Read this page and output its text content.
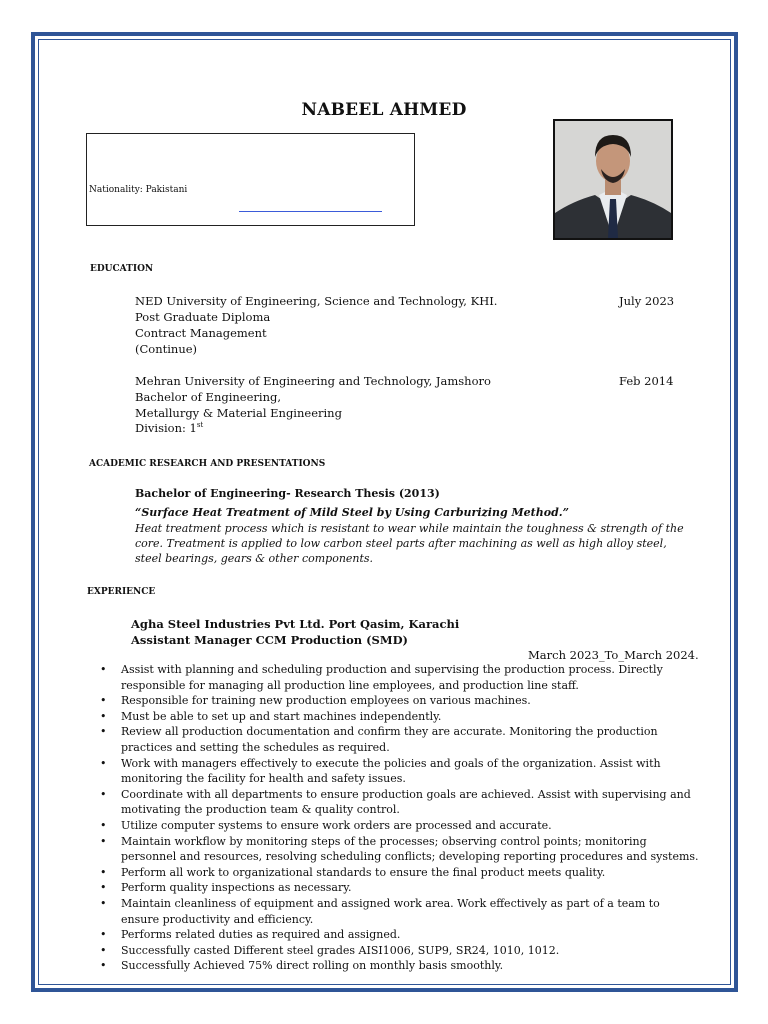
NABEEL AHMED
Nationality: Pakistani
EDUCATION
NED University of Engineering, Science and Technology, KHI.	July 2023
Post Graduate Diploma
Contract Management
(Continue)
Mehran University of Engineering and Technology, Jamshoro	Feb 2014
Bachelor of Engineering,
Metallurgy & Material Engineering
Division: 1st
ACADEMIC RESEARCH AND PRESENTATIONS
Bachelor of Engineering- Research Thesis (2013)
“Surface Heat Treatment of Mild Steel by Using Carburizing Method.”
Heat treatment process which is resistant to wear while maintain the toughness & strength of the core. Treatment is applied to low carbon steel parts after machining as well as high alloy steel, steel bearings, gears & other components.
EXPERIENCE
Agha Steel Industries Pvt Ltd. Port Qasim, Karachi
Assistant Manager CCM Production (SMD)
March 2023_To_March 2024.
• Assist with planning and scheduling production and supervising the production process. Directly responsible for managing all production line employees, and production line staff.
• Responsible for training new production employees on various machines.
• Must be able to set up and start machines independently.
• Review all production documentation and confirm they are accurate. Monitoring the production practices and setting the schedules as required.
• Work with managers effectively to execute the policies and goals of the organization. Assist with monitoring the facility for health and safety issues.
• Coordinate with all departments to ensure production goals are achieved. Assist with supervising and motivating the production team & quality control.
• Utilize computer systems to ensure work orders are processed and accurate.
• Maintain workflow by monitoring steps of the processes; observing control points; monitoring personnel and resources, resolving scheduling conflicts; developing reporting procedures and systems.
• Perform all work to organizational standards to ensure the final product meets quality.
• Perform quality inspections as necessary.
• Maintain cleanliness of equipment and assigned work area. Work effectively as part of a team to ensure productivity and efficiency.
• Performs related duties as required and assigned.
• Successfully casted Different steel grades AISI1006, SUP9, SR24, 1010, 1012.
• Successfully Achieved 75% direct rolling on monthly basis smoothly.
